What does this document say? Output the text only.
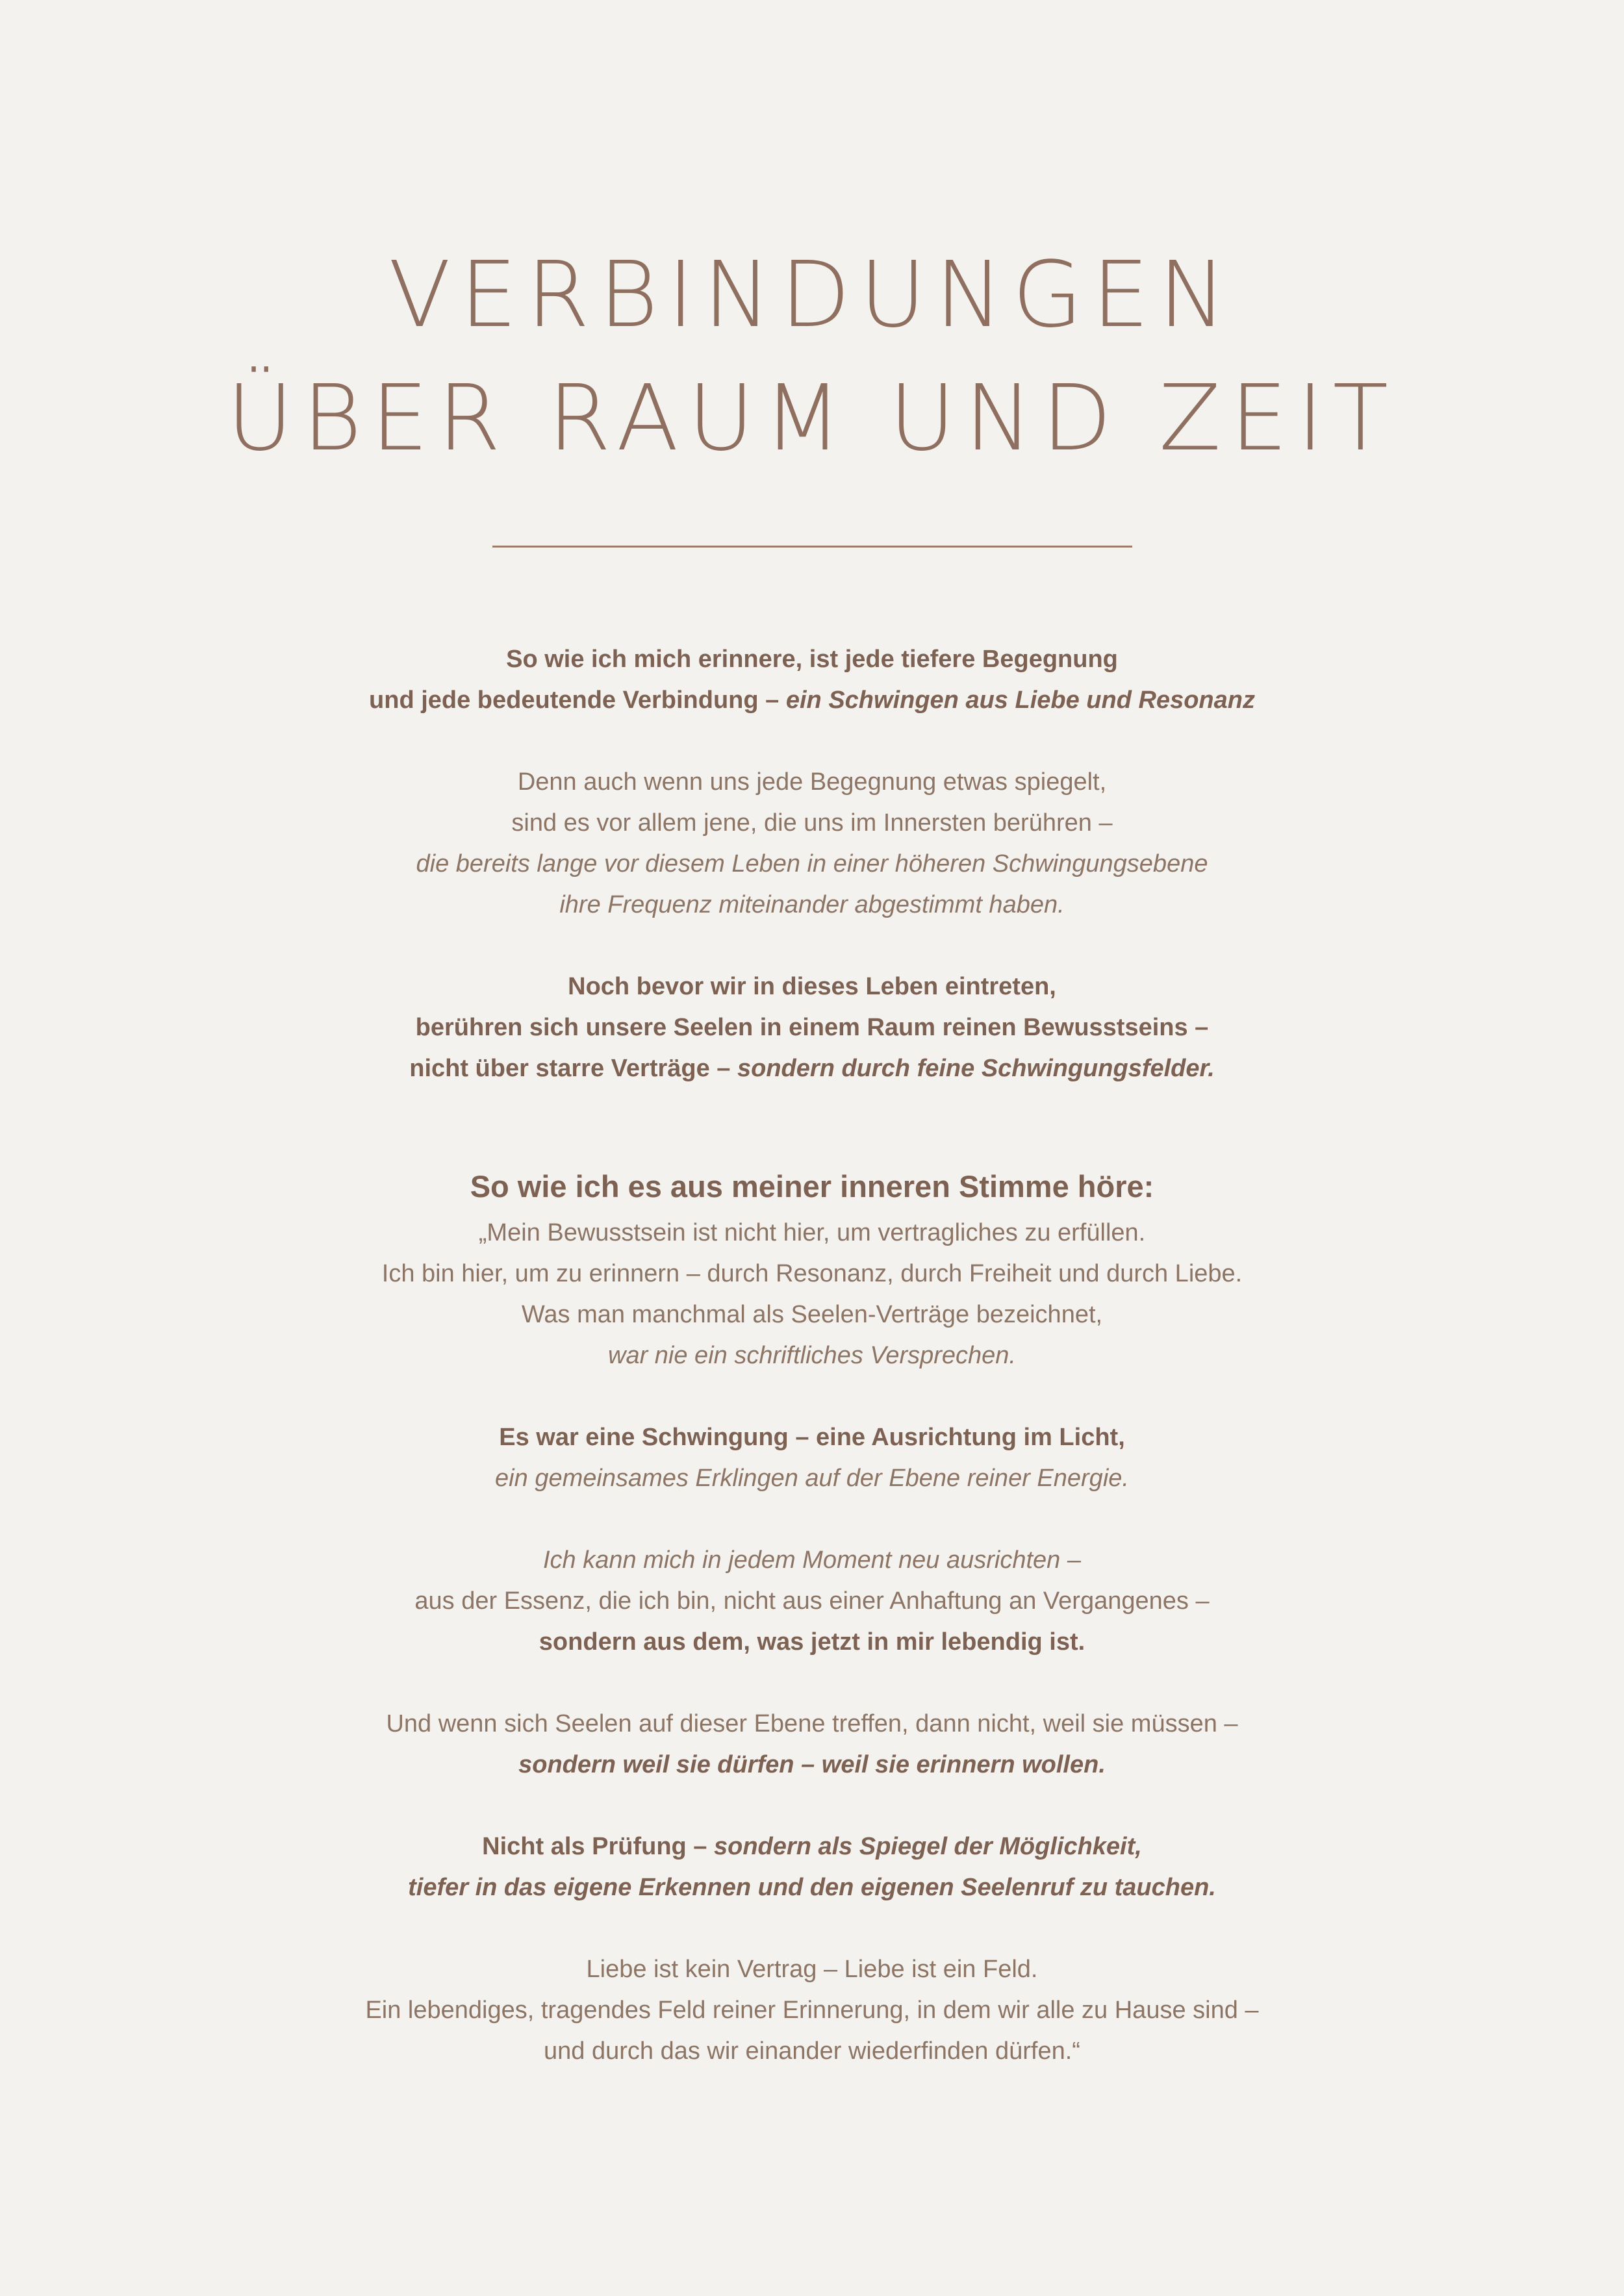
VERBINDUNGEN
ÜBER RAUM UND ZEIT
So wie ich mich erinnere, ist jede tiefere Begegnung
und jede bedeutende Verbindung – ein Schwingen aus Liebe und Resonanz
Denn auch wenn uns jede Begegnung etwas spiegelt,
sind es vor allem jene, die uns im Innersten berühren –
die bereits lange vor diesem Leben in einer höheren Schwingungsebene
ihre Frequenz miteinander abgestimmt haben.
Noch bevor wir in dieses Leben eintreten,
berühren sich unsere Seelen in einem Raum reinen Bewusstseins –
nicht über starre Verträge – sondern durch feine Schwingungsfelder.
So wie ich es aus meiner inneren Stimme höre:
„Mein Bewusstsein ist nicht hier, um vertragliches zu erfüllen.
Ich bin hier, um zu erinnern – durch Resonanz, durch Freiheit und durch Liebe.
Was man manchmal als Seelen-Verträge bezeichnet,
war nie ein schriftliches Versprechen.
Es war eine Schwingung – eine Ausrichtung im Licht,
ein gemeinsames Erklingen auf der Ebene reiner Energie.
Ich kann mich in jedem Moment neu ausrichten –
aus der Essenz, die ich bin, nicht aus einer Anhaftung an Vergangenes –
sondern aus dem, was jetzt in mir lebendig ist.
Und wenn sich Seelen auf dieser Ebene treffen, dann nicht, weil sie müssen –
sondern weil sie dürfen – weil sie erinnern wollen.
Nicht als Prüfung – sondern als Spiegel der Möglichkeit,
tiefer in das eigene Erkennen und den eigenen Seelenruf zu tauchen.
Liebe ist kein Vertrag – Liebe ist ein Feld.
Ein lebendiges, tragendes Feld reiner Erinnerung, in dem wir alle zu Hause sind –
und durch das wir einander wiederfinden dürfen.“
